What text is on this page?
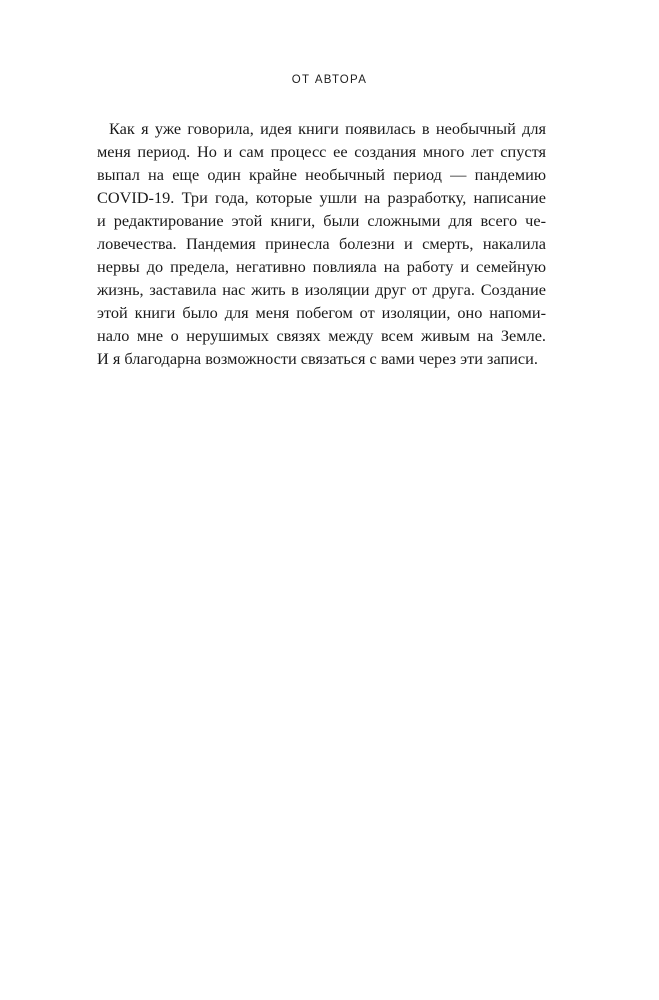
ОТ АВТОРА
Как я уже говорила, идея книги появилась в необычный для
меня период. Но и сам процесс ее создания много лет спустя
выпал на еще один крайне необычный период — пандемию
COVID-19. Три года, которые ушли на разработку, написание
и редактирование этой книги, были сложными для всего че-
ловечества. Пандемия принесла болезни и смерть, накалила
нервы до предела, негативно повлияла на работу и семейную
жизнь, заставила нас жить в изоляции друг от друга. Создание
этой книги было для меня побегом от изоляции, оно напоми-
нало мне о нерушимых связях между всем живым на Земле.
И я благодарна возможности связаться с вами через эти записи.
